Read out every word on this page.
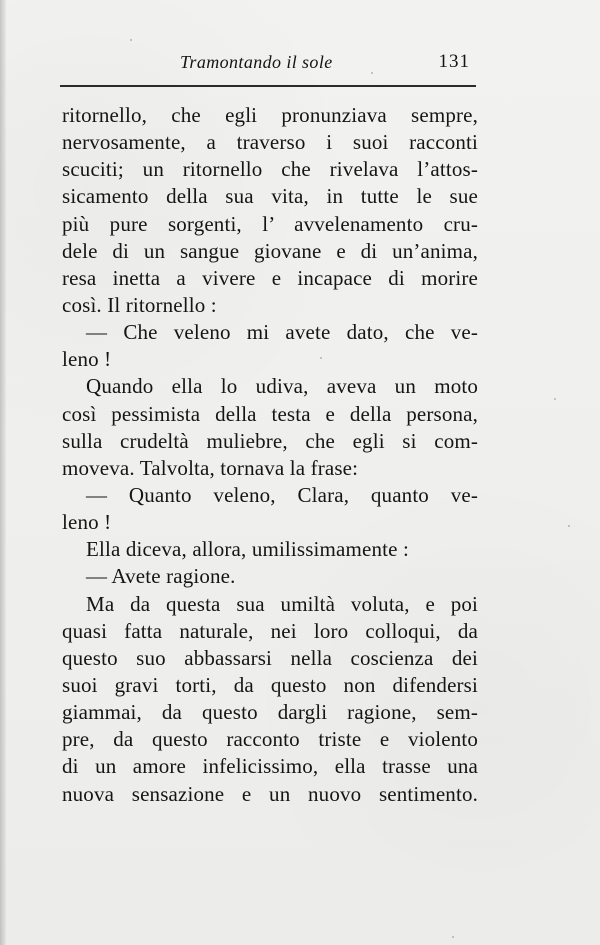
Tramontando il sole	131
ritornello, che egli pronunziava sempre,
nervosamente, a traverso i suoi racconti
scuciti; un ritornello che rivelava l’attos-
sicamento della sua vita, in tutte le sue
più pure sorgenti, l’ avvelenamento cru-
dele di un sangue giovane e di un’anima,
resa inetta a vivere e incapace di morire
così. Il ritornello :
— Che veleno mi avete dato, che ve-
leno !
Quando ella lo udiva, aveva un moto
così pessimista della testa e della persona,
sulla crudeltà muliebre, che egli si com-
moveva. Talvolta, tornava la frase:
— Quanto veleno, Clara, quanto ve-
leno !
Ella diceva, allora, umilissimamente :
— Avete ragione.
Ma da questa sua umiltà voluta, e poi
quasi fatta naturale, nei loro colloqui, da
questo suo abbassarsi nella coscienza dei
suoi gravi torti, da questo non difendersi
giammai, da questo dargli ragione, sem-
pre, da questo racconto triste e violento
di un amore infelicissimo, ella trasse una
nuova sensazione e un nuovo sentimento.
